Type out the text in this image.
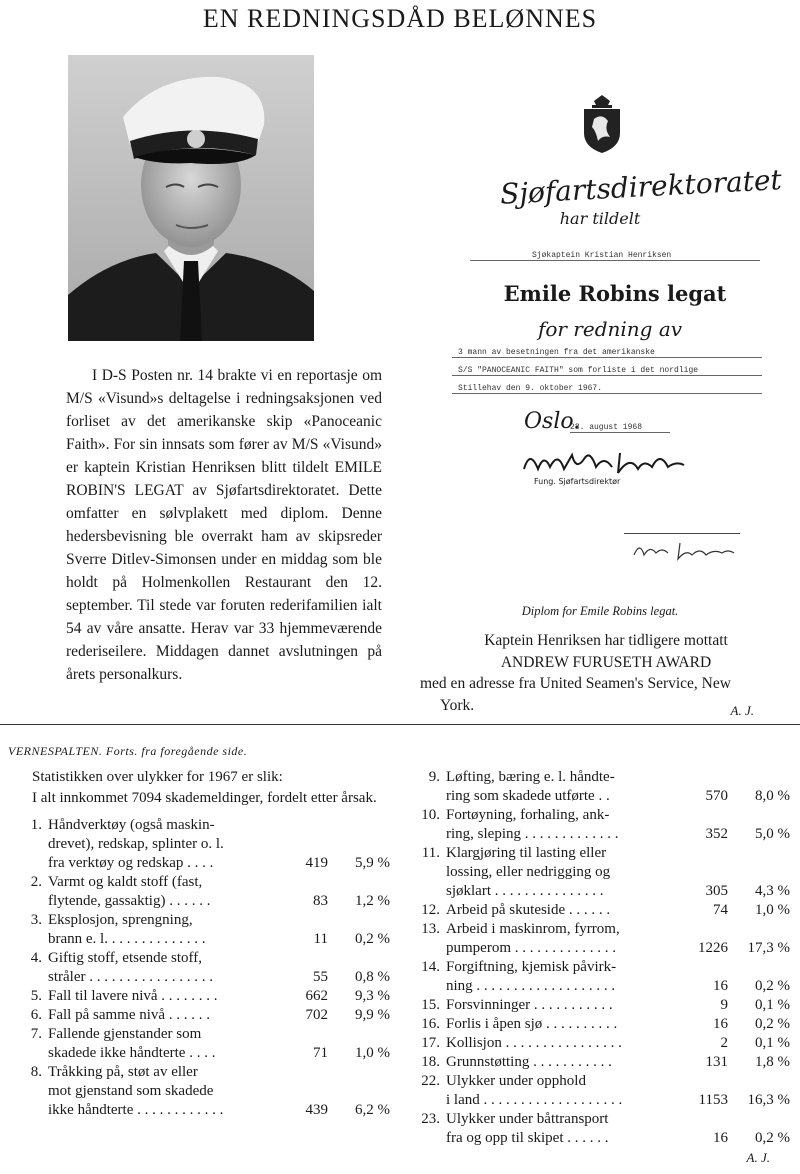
EN REDNINGSDÅD BELØNNES

I D-S Posten nr. 14 brakte vi en reportasje om M/S «Visund»s deltagelse i redningsaksjonen ved forliset av det amerikanske skip «Panoceanic Faith». For sin innsats som fører av M/S «Visund» er kaptein Kristian Henriksen blitt tildelt EMILE ROBIN'S LEGAT av Sjøfartsdirektoratet. Dette omfatter en sølvplakett med diplom. Denne hedersbevisning ble overrakt ham av skipsreder Sverre Ditlev-Simonsen under en middag som ble holdt på Holmenkollen Restaurant den 12. september. Til stede var foruten rederifamilien ialt 54 av våre ansatte. Herav var 33 hjemmeværende rederiseilere. Middagen dannet avslutningen på årets personalkurs.

Sjøfartsdirektoratet
har tildelt
Sjøkaptein Kristian Henriksen
Emile Robins legat
for redning av
3 mann av besetningen fra det amerikanske
S/S "PANOCEANIC FAITH" som forliste i det nordlige
Stillehav den 9. oktober 1967.
Oslo.
23. august 1968
Fung. Sjøfartsdirektør
Diplom for Emile Robins legat.
Kaptein Henriksen har tidligere mottatt
ANDREW FURUSETH AWARD
med en adresse fra United Seamen's Service, New
York.	A. J.
VERNESPALTEN. Forts. fra foregående side.

Statistikken over ulykker for 1967 er slik:

I alt innkommet 7094 skademeldinger, fordelt etter årsak.

1. Håndverktøy (også maskin-
drevet), redskap, splinter o. l.
fra verktøy og redskap . . . .	419	5,9 %
2. Varmt og kaldt stoff (fast,
flytende, gassaktig) . . . . . .	83	1,2 %
3. Eksplosjon, sprengning,
brann e. l. . . . . . . . . . . . . .	11	0,2 %
4. Giftig stoff, etsende stoff,
stråler . . . . . . . . . . . . . . . . .	55	0,8 %
5. Fall til lavere nivå . . . . . . . .	662	9,3 %
6. Fall på samme nivå . . . . . .	702	9,9 %
7. Fallende gjenstander som
skadede ikke håndterte . . . .	71	1,0 %
8. Tråkking på, støt av eller
mot gjenstand som skadede
ikke håndterte . . . . . . . . . . . .	439	6,2 %
9. Løfting, bæring e. l. håndte-
ring som skadede utførte . .	570	8,0 %
10. Fortøyning, forhaling, ank-
ring, sleping . . . . . . . . . . . . .	352	5,0 %
11. Klargjøring til lasting eller
lossing, eller nedrigging og
sjøklart . . . . . . . . . . . . . . .	305	4,3 %
12. Arbeid på skuteside . . . . . .	74	1,0 %
13. Arbeid i maskinrom, fyrrom,
pumperom . . . . . . . . . . . . . .	1226	17,3 %
14. Forgiftning, kjemisk påvirk-
ning . . . . . . . . . . . . . . . . . . .	16	0,2 %
15. Forsvinninger . . . . . . . . . . .	9	0,1 %
16. Forlis i åpen sjø . . . . . . . . . .	16	0,2 %
17. Kollisjon . . . . . . . . . . . . . . . .	2	0,1 %
18. Grunnstøtting . . . . . . . . . . .	131	1,8 %
22. Ulykker under opphold
i land . . . . . . . . . . . . . . . . . . .	1153	16,3 %
23. Ulykker under båttransport
fra og opp til skipet . . . . . .	16	0,2 %
A. J.
